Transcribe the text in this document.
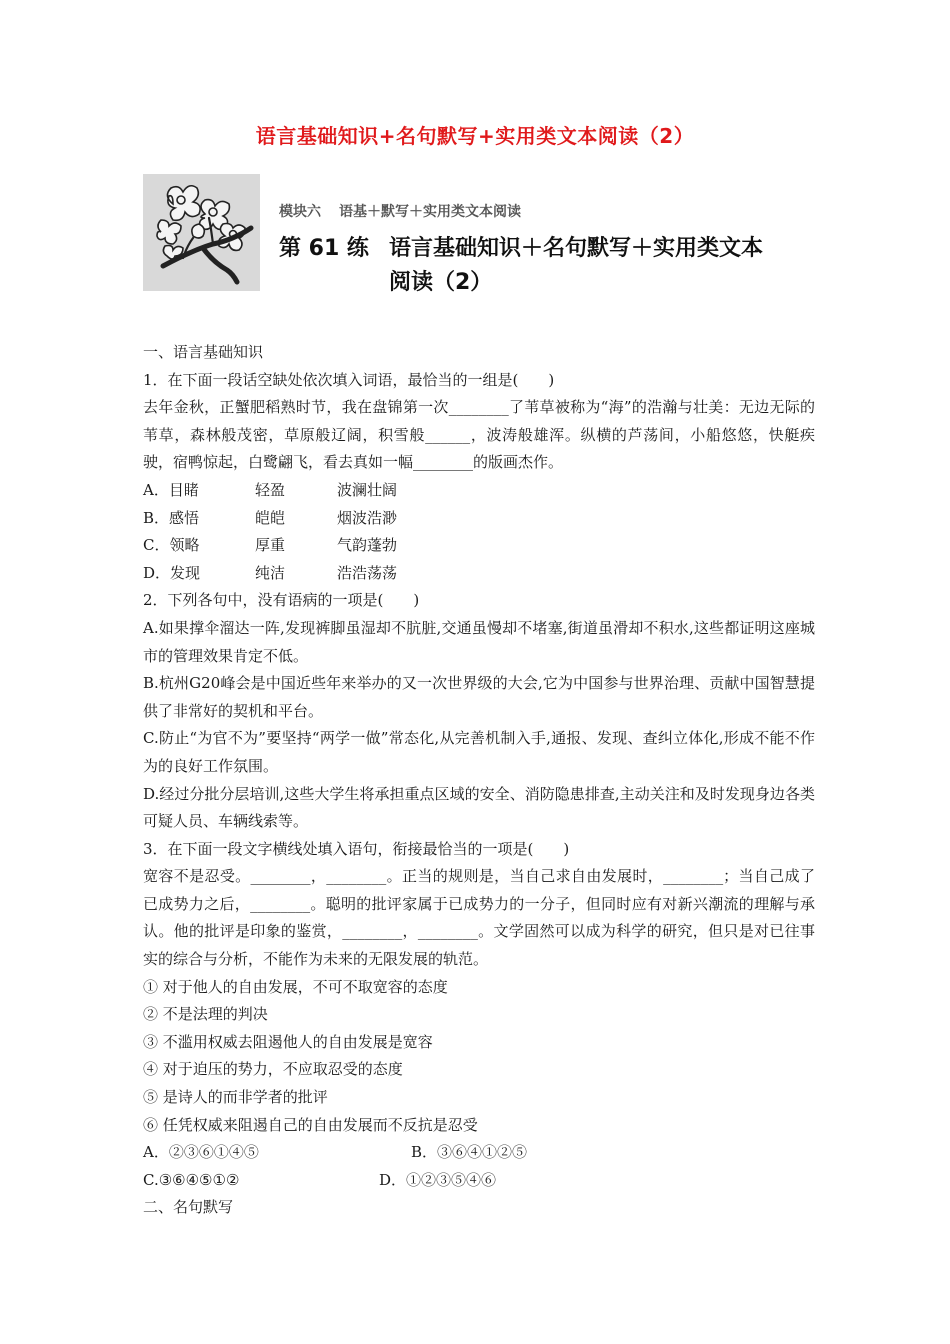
语言基础知识+名句默写+实用类文本阅读（2）
模块六 语基＋默写＋实用类文本阅读
第 61 练 语言基础知识＋名句默写＋实用类文本
阅读（2）

一、语言基础知识

1．在下面一段话空缺处依次填入词语，最恰当的一组是(　　)

去年金秋，正蟹肥稻熟时节，我在盘锦第一次________了苇草被称为“海”的浩瀚与壮美：无边无际的苇草，森林般茂密，草原般辽阔，积雪般______，波涛般雄浑。纵横的芦荡间，小船悠悠，快艇疾驶，宿鸭惊起，白鹭翩飞，看去真如一幅________的版画杰作。

A．目睹	轻盈	波澜壮阔
B．感悟	皑皑	烟波浩渺
C．领略	厚重	气韵蓬勃
D．发现	纯洁	浩浩荡荡

2．下列各句中，没有语病的一项是(　　)

A.如果撑伞溜达一阵,发现裤脚虽湿却不肮脏,交通虽慢却不堵塞,街道虽滑却不积水,这些都证明这座城市的管理效果肯定不低。

B.杭州G20峰会是中国近些年来举办的又一次世界级的大会,它为中国参与世界治理、贡献中国智慧提供了非常好的契机和平台。

C.防止“为官不为”要坚持“两学一做”常态化,从完善机制入手,通报、发现、查纠立体化,形成不能不作为的良好工作氛围。

D.经过分批分层培训,这些大学生将承担重点区域的安全、消防隐患排查,主动关注和及时发现身边各类可疑人员、车辆线索等。

3．在下面一段文字横线处填入语句，衔接最恰当的一项是(　　)

宽容不是忍受。________，________。正当的规则是，当自己求自由发展时，________；当自己成了已成势力之后，________。聪明的批评家属于已成势力的一分子，但同时应有对新兴潮流的理解与承认。他的批评是印象的鉴赏，________，________。文学固然可以成为科学的研究，但只是对已往事实的综合与分析，不能作为未来的无限发展的轨范。

① 对于他人的自由发展，不可不取宽容的态度

② 不是法理的判决

③ 不滥用权威去阻遏他人的自由发展是宽容

④ 对于迫压的势力，不应取忍受的态度

⑤ 是诗人的而非学者的批评

⑥ 任凭权威来阻遏自己的自由发展而不反抗是忍受

A．②③⑥①④⑤	B．③⑥④①②⑤
C.③⑥④⑤①②	D．①②③⑤④⑥

二、名句默写
